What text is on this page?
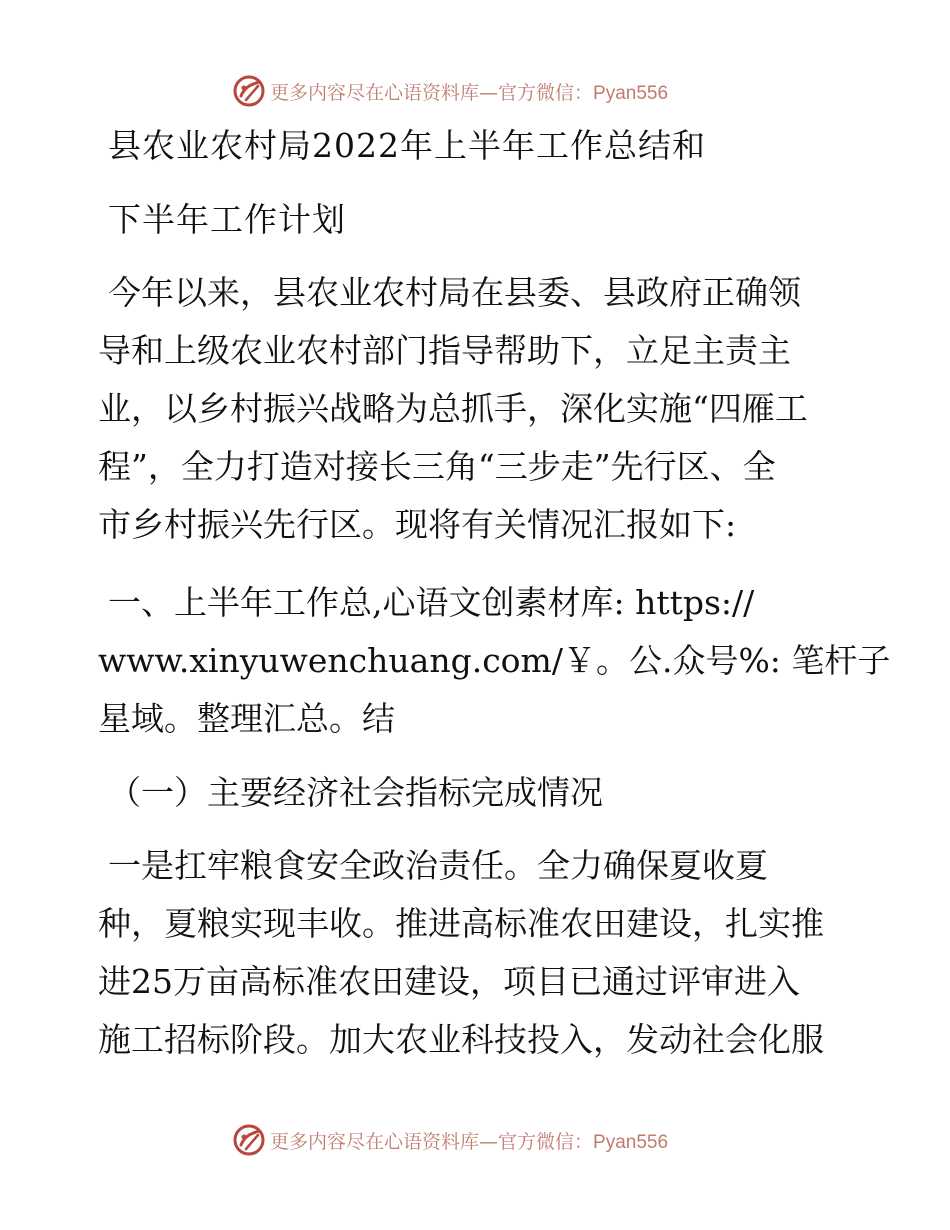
更多内容尽在心语资料库—官方微信：Pyan556
县农业农村局2022年上半年工作总结和
下半年工作计划
今年以来，县农业农村局在县委、县政府正确领
导和上级农业农村部门指导帮助下，立足主责主
业，以乡村振兴战略为总抓手，深化实施“四雁工
程”，全力打造对接长三角“三步走”先行区、全
市乡村振兴先行区。现将有关情况汇报如下:
一、上半年工作总,心语文创素材库: https://
www.xinyuwenchuang.com/￥。公.众号%: 笔杆子
星域。整理汇总。结
（一）主要经济社会指标完成情况
一是扛牢粮食安全政治责任。全力确保夏收夏
种，夏粮实现丰收。推进高标准农田建设，扎实推
进25万亩高标准农田建设，项目已通过评审进入
施工招标阶段。加大农业科技投入，发动社会化服
更多内容尽在心语资料库—官方微信：Pyan556
